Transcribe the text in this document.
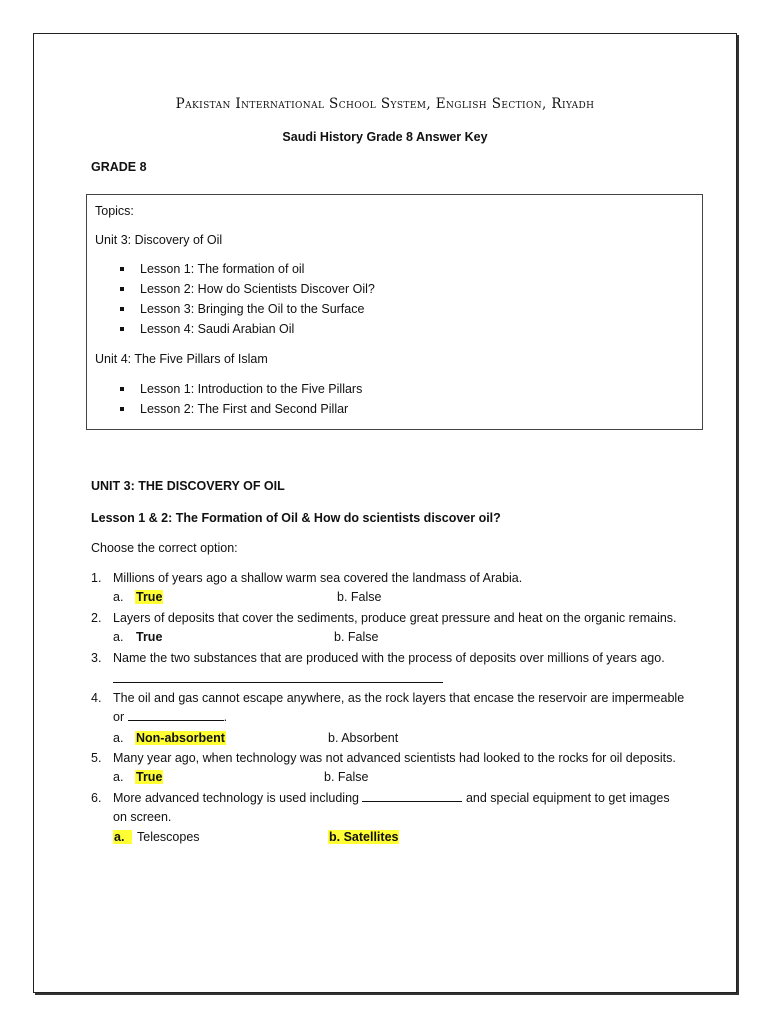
Pakistan International School System, English Section, Riyadh
Saudi History Grade 8 Answer Key
GRADE 8
Topics:
Unit 3: Discovery of Oil
Lesson 1: The formation of oil
Lesson 2: How do Scientists Discover Oil?
Lesson 3: Bringing the Oil to the Surface
Lesson 4: Saudi Arabian Oil
Unit 4: The Five Pillars of Islam
Lesson 1: Introduction to the Five Pillars
Lesson 2: The First and Second Pillar
UNIT 3: THE DISCOVERY OF OIL
Lesson 1 & 2: The Formation of Oil & How do scientists discover oil?
Choose the correct option:
1. Millions of years ago a shallow warm sea covered the landmass of Arabia.
a. True	b. False
2. Layers of deposits that cover the sediments, produce great pressure and heat on the organic remains.
a. True	b. False
3. Name the two substances that are produced with the process of deposits over millions of years ago.
4. The oil and gas cannot escape anywhere, as the rock layers that encase the reservoir are impermeable
or	.
a. Non-absorbent	b. Absorbent
5. Many year ago, when technology was not advanced scientists had looked to the rocks for oil deposits.
a. True	b. False
6. More advanced technology is used including	and special equipment to get images
on screen.
a.	Telescopes	b. Satellites
